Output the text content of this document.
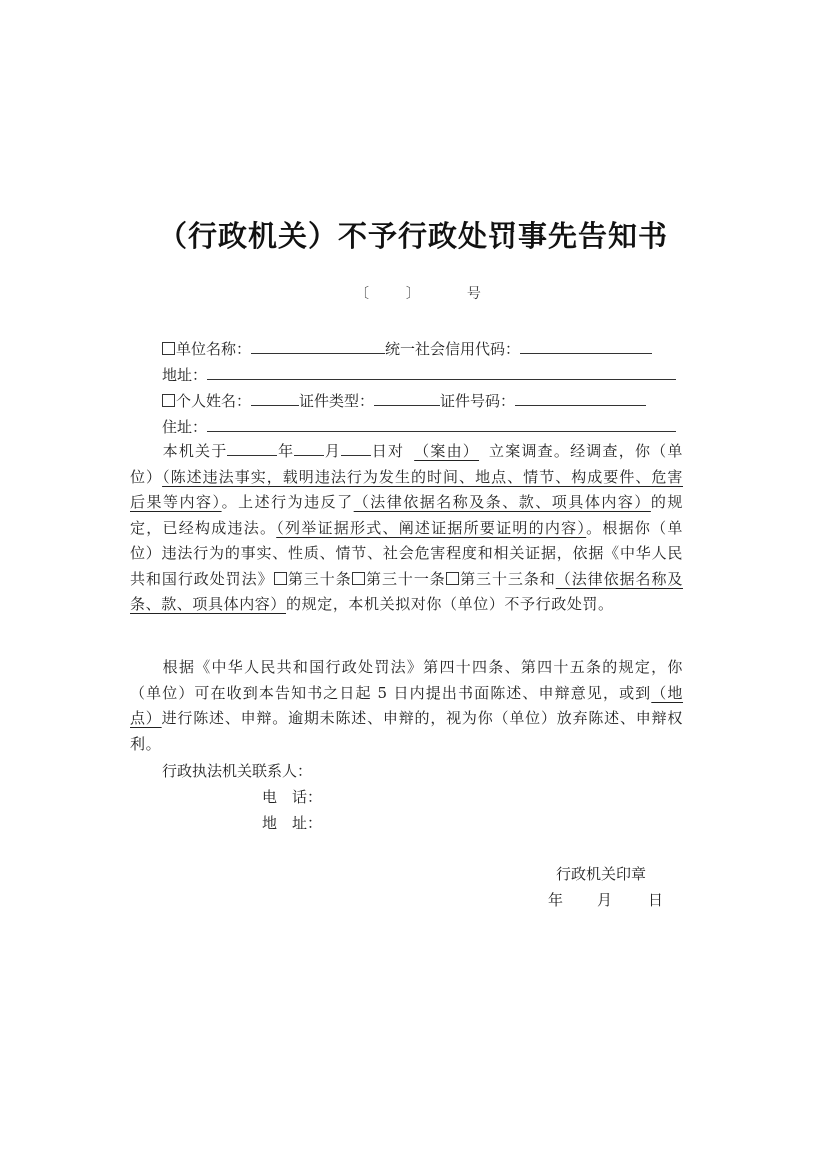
（行政机关）不予行政处罚事先告知书
〔	〕	号
单位名称：	统一社会信用代码：
地址：
个人姓名：	证件类型：	证件号码：
住址：
本机关于	年 月 日对 （案由） 立案调查。经调查，你（单位）（陈述违法事实，载明违法行为发生的时间、地点、情节、构成要件、危害后果等内容）。上述行为违反了（法律依据名称及条、款、项具体内容）的规定，已经构成违法。（列举证据形式、阐述证据所要证明的内容）。根据你（单位）违法行为的事实、性质、情节、社会危害程度和相关证据，依据《中华人民共和国行政处罚法》 第三十条 第三十一条 第三十三条和（法律依据名称及条、款、项具体内容）的规定，本机关拟对你（单位）不予行政处罚。
根据《中华人民共和国行政处罚法》第四十四条、第四十五条的规定，你（单位）可在收到本告知书之日起 5 日内提出书面陈述、申辩意见，或到（地点）进行陈述、申辩。逾期未陈述、申辩的，视为你（单位）放弃陈述、申辩权利。
行政执法机关联系人：
电　话：
地　址：
行政机关印章
年 月 日
